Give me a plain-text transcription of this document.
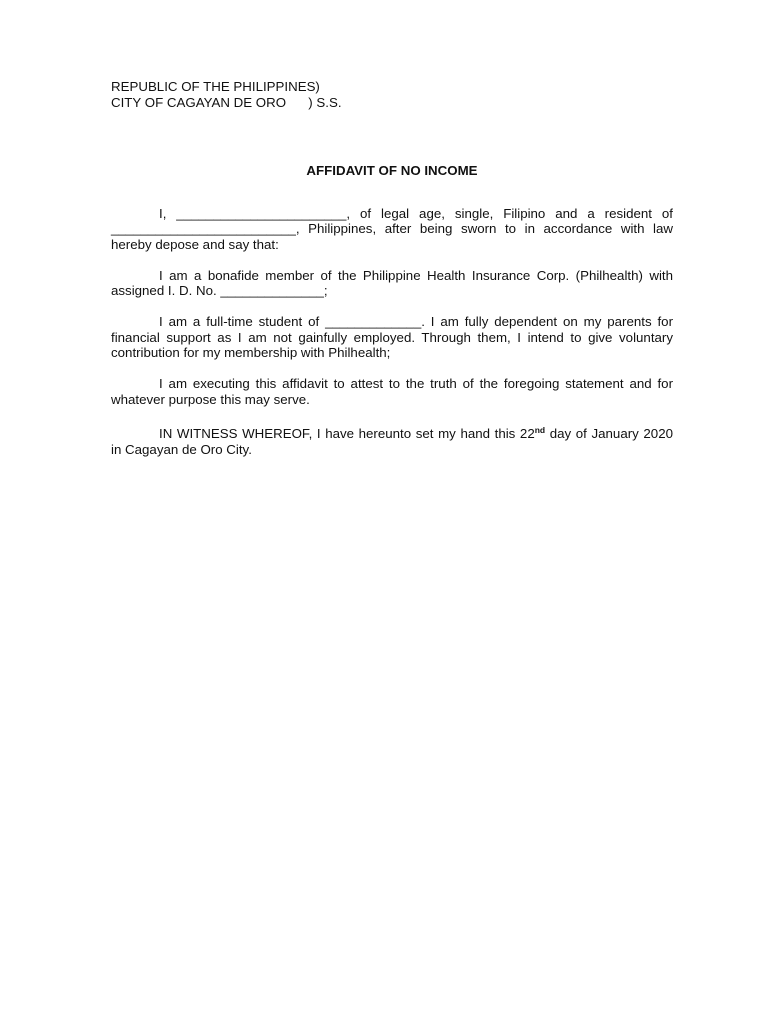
REPUBLIC OF THE PHILIPPINES)

CITY OF CAGAYAN DE ORO      ) S.S.

AFFIDAVIT OF NO INCOME

I, _______________________, of legal age, single, Filipino and a resident of _________________________, Philippines, after being sworn to in accordance with law hereby depose and say that:

I am a bonafide member of the Philippine Health Insurance Corp. (Philhealth) with assigned I. D. No. ______________;

I am a full-time student of _____________. I am fully dependent on my parents for financial support as I am not gainfully employed. Through them, I intend to give voluntary contribution for my membership with Philhealth;

I am executing this affidavit to attest to the truth of the foregoing statement and for whatever purpose this may serve.

IN WITNESS WHEREOF, I have hereunto set my hand this 22nd day of January 2020 in Cagayan de Oro City.
